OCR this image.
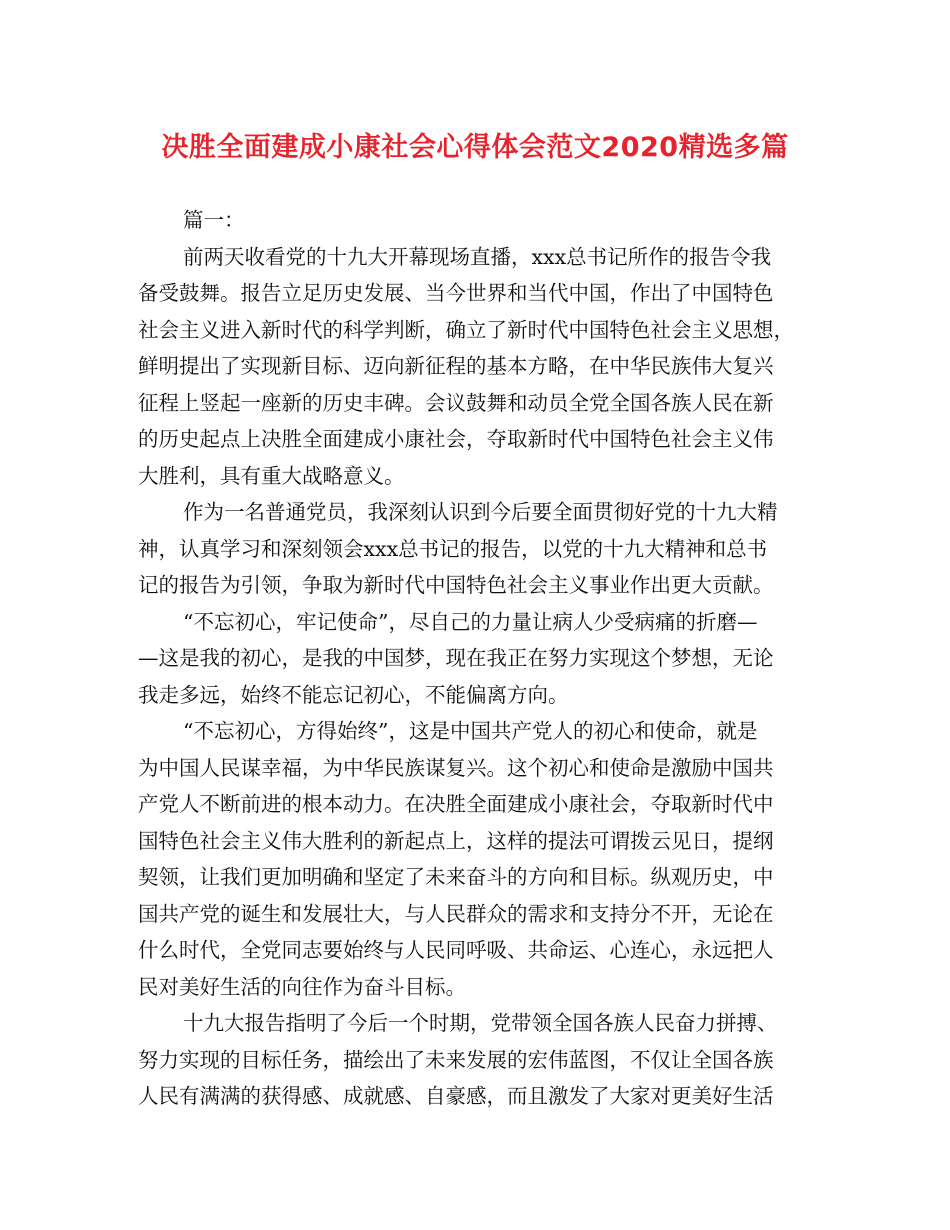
决胜全面建成小康社会心得体会范文2020精选多篇
篇一：
前两天收看党的十九大开幕现场直播，xxx总书记所作的报告令我
备受鼓舞。报告立足历史发展、当今世界和当代中国，作出了中国特色
社会主义进入新时代的科学判断，确立了新时代中国特色社会主义思想，
鲜明提出了实现新目标、迈向新征程的基本方略，在中华民族伟大复兴
征程上竖起一座新的历史丰碑。会议鼓舞和动员全党全国各族人民在新
的历史起点上决胜全面建成小康社会，夺取新时代中国特色社会主义伟
大胜利，具有重大战略意义。
作为一名普通党员，我深刻认识到今后要全面贯彻好党的十九大精
神，认真学习和深刻领会xxx总书记的报告，以党的十九大精神和总书
记的报告为引领，争取为新时代中国特色社会主义事业作出更大贡献。
“不忘初心，牢记使命”，尽自己的力量让病人少受病痛的折磨—
—这是我的初心，是我的中国梦，现在我正在努力实现这个梦想，无论
我走多远，始终不能忘记初心，不能偏离方向。
“不忘初心，方得始终”，这是中国共产党人的初心和使命，就是
为中国人民谋幸福，为中华民族谋复兴。这个初心和使命是激励中国共
产党人不断前进的根本动力。在决胜全面建成小康社会，夺取新时代中
国特色社会主义伟大胜利的新起点上，这样的提法可谓拨云见日，提纲
契领，让我们更加明确和坚定了未来奋斗的方向和目标。纵观历史，中
国共产党的诞生和发展壮大，与人民群众的需求和支持分不开，无论在
什么时代，全党同志要始终与人民同呼吸、共命运、心连心，永远把人
民对美好生活的向往作为奋斗目标。
十九大报告指明了今后一个时期，党带领全国各族人民奋力拼搏、
努力实现的目标任务，描绘出了未来发展的宏伟蓝图，不仅让全国各族
人民有满满的获得感、成就感、自豪感，而且激发了大家对更美好生活
